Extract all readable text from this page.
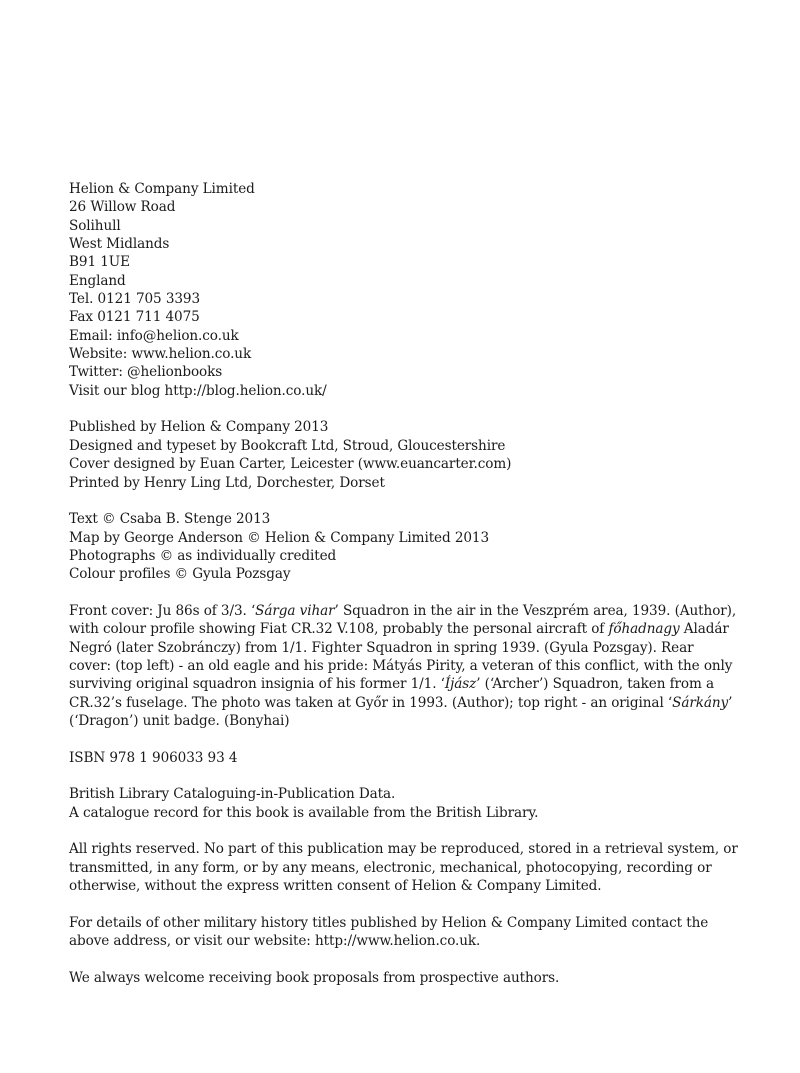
Helion & Company Limited
26 Willow Road
Solihull
West Midlands
B91 1UE
England
Tel. 0121 705 3393
Fax 0121 711 4075
Email: info@helion.co.uk
Website: www.helion.co.uk
Twitter: @helionbooks
Visit our blog http://blog.helion.co.uk/
Published by Helion & Company 2013
Designed and typeset by Bookcraft Ltd, Stroud, Gloucestershire
Cover designed by Euan Carter, Leicester (www.euancarter.com)
Printed by Henry Ling Ltd, Dorchester, Dorset
Text © Csaba B. Stenge 2013
Map by George Anderson © Helion & Company Limited 2013
Photographs © as individually credited
Colour profiles © Gyula Pozsgay
Front cover: Ju 86s of 3/3. ‘Sárga vihar’ Squadron in the air in the Veszprém area, 1939. (Author),
with colour profile showing Fiat CR.32 V.108, probably the personal aircraft of főhadnagy Aladár
Negró (later Szobránczy) from 1/1. Fighter Squadron in spring 1939. (Gyula Pozsgay). Rear
cover: (top left) - an old eagle and his pride: Mátyás Pirity, a veteran of this conflict, with the only
surviving original squadron insignia of his former 1/1. ‘Íjász’ (‘Archer’) Squadron, taken from a
CR.32’s fuselage. The photo was taken at Győr in 1993. (Author); top right - an original ‘Sárkány’
(‘Dragon’) unit badge. (Bonyhai)
ISBN 978 1 906033 93 4
British Library Cataloguing-in-Publication Data.
A catalogue record for this book is available from the British Library.
All rights reserved. No part of this publication may be reproduced, stored in a retrieval system, or
transmitted, in any form, or by any means, electronic, mechanical, photocopying, recording or
otherwise, without the express written consent of Helion & Company Limited.
For details of other military history titles published by Helion & Company Limited contact the
above address, or visit our website: http://www.helion.co.uk.
We always welcome receiving book proposals from prospective authors.
